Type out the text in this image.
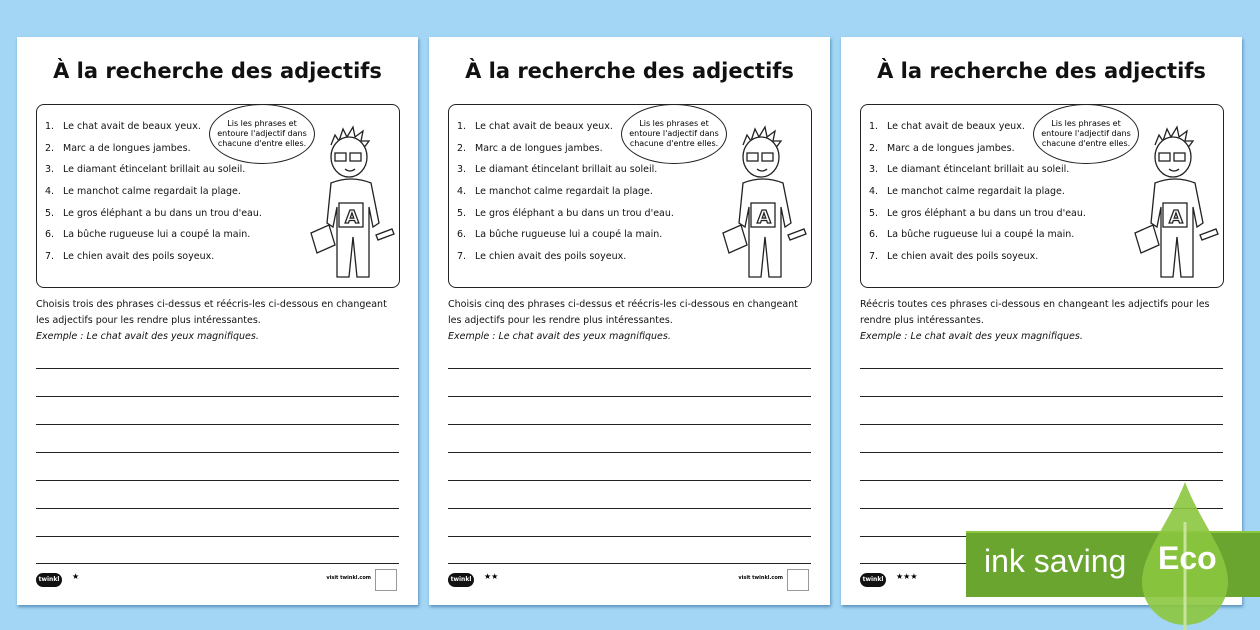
À la recherche des adjectifs
1. Le chat avait de beaux yeux.
2. Marc a de longues jambes.
3. Le diamant étincelant brillait au soleil.
4. Le manchot calme regardait la plage.
5. Le gros éléphant a bu dans un trou d'eau.
6. La bûche rugueuse lui a coupé la main.
7. Le chien avait des poils soyeux.
Lis les phrases et entoure l'adjectif dans chacune d'entre elles.
A
Choisis trois des phrases ci-dessus et réécris-les ci-dessous en changeant les adjectifs pour les rendre plus intéressantes.
Exemple : Le chat avait des yeux magnifiques.
twinkl	★	visit twinkl.com
À la recherche des adjectifs
1. Le chat avait de beaux yeux.
2. Marc a de longues jambes.
3. Le diamant étincelant brillait au soleil.
4. Le manchot calme regardait la plage.
5. Le gros éléphant a bu dans un trou d'eau.
6. La bûche rugueuse lui a coupé la main.
7. Le chien avait des poils soyeux.
Lis les phrases et entoure l'adjectif dans chacune d'entre elles.
A
Choisis cinq des phrases ci-dessus et réécris-les ci-dessous en changeant les adjectifs pour les rendre plus intéressantes.
Exemple : Le chat avait des yeux magnifiques.
twinkl	★★	visit twinkl.com
À la recherche des adjectifs
1. Le chat avait de beaux yeux.
2. Marc a de longues jambes.
3. Le diamant étincelant brillait au soleil.
4. Le manchot calme regardait la plage.
5. Le gros éléphant a bu dans un trou d'eau.
6. La bûche rugueuse lui a coupé la main.
7. Le chien avait des poils soyeux.
Lis les phrases et entoure l'adjectif dans chacune d'entre elles.
A
Réécris toutes ces phrases ci-dessous en changeant les adjectifs pour les rendre plus intéressantes.
Exemple : Le chat avait des yeux magnifiques.
twinkl	★★★ ink saving Eco
